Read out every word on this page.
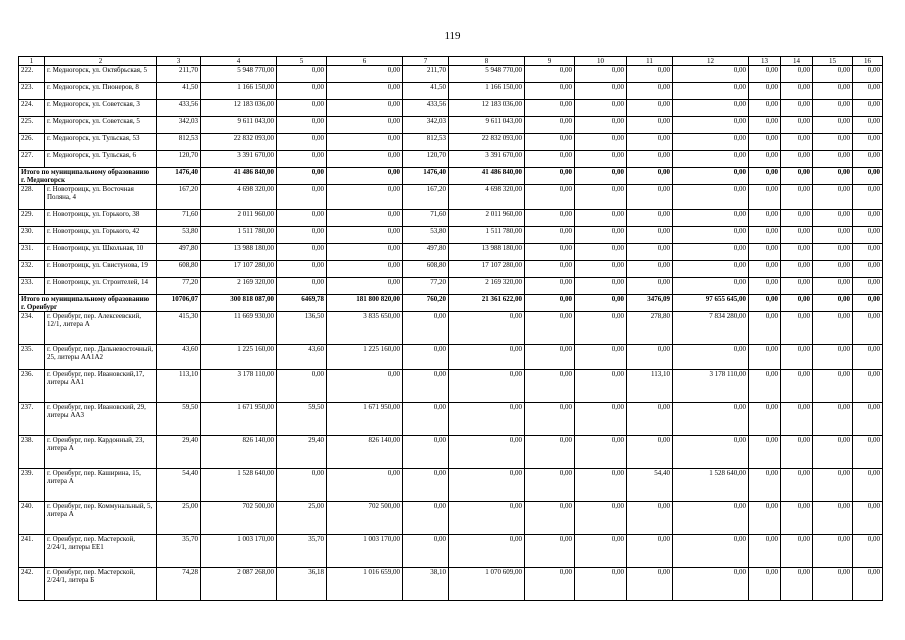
119
1	2	3	4	5	6	7	8	9	10	11	12	13	14	15	16
222.	г. Медногорск, ул. Октябрьская, 5	211,70	5 948 770,00	0,00	0,00	211,70	5 948 770,00	0,00	0,00	0,00	0,00	0,00	0,00	0,00	0,00
223.	г. Медногорск, ул. Пионеров, 8	41,50	1 166 150,00	0,00	0,00	41,50	1 166 150,00	0,00	0,00	0,00	0,00	0,00	0,00	0,00	0,00
224.	г. Медногорск, ул. Советская, 3	433,56	12 183 036,00	0,00	0,00	433,56	12 183 036,00	0,00	0,00	0,00	0,00	0,00	0,00	0,00	0,00
225.	г. Медногорск, ул. Советская, 5	342,03	9 611 043,00	0,00	0,00	342,03	9 611 043,00	0,00	0,00	0,00	0,00	0,00	0,00	0,00	0,00
226.	г. Медногорск, ул. Тульская, 53	812,53	22 832 093,00	0,00	0,00	812,53	22 832 093,00	0,00	0,00	0,00	0,00	0,00	0,00	0,00	0,00
227.	г. Медногорск, ул. Тульская, 6	120,70	3 391 670,00	0,00	0,00	120,70	3 391 670,00	0,00	0,00	0,00	0,00	0,00	0,00	0,00	0,00
Итого по муниципальному образованию г. Медногорск		1476,40	41 486 840,00	0,00	0,00	1476,40	41 486 840,00	0,00	0,00	0,00	0,00	0,00	0,00	0,00	0,00
228.	г. Новотроицк, ул. Восточная Поляна, 4	167,20	4 698 320,00	0,00	0,00	167,20	4 698 320,00	0,00	0,00	0,00	0,00	0,00	0,00	0,00	0,00
229.	г. Новотроицк, ул. Горького, 38	71,60	2 011 960,00	0,00	0,00	71,60	2 011 960,00	0,00	0,00	0,00	0,00	0,00	0,00	0,00	0,00
230.	г. Новотроицк, ул. Горького, 42	53,80	1 511 780,00	0,00	0,00	53,80	1 511 780,00	0,00	0,00	0,00	0,00	0,00	0,00	0,00	0,00
231.	г. Новотроицк, ул. Школьная, 10	497,80	13 988 180,00	0,00	0,00	497,80	13 988 180,00	0,00	0,00	0,00	0,00	0,00	0,00	0,00	0,00
232.	г. Новотроицк, ул. Свистунова, 19	608,80	17 107 280,00	0,00	0,00	608,80	17 107 280,00	0,00	0,00	0,00	0,00	0,00	0,00	0,00	0,00
233.	г. Новотроицк, ул. Строителей, 14	77,20	2 169 320,00	0,00	0,00	77,20	2 169 320,00	0,00	0,00	0,00	0,00	0,00	0,00	0,00	0,00
Итого по муниципальному образованию г. Оренбург		10706,07	300 818 087,00	6469,78	181 800 820,00	760,20	21 361 622,00	0,00	0,00	3476,09	97 655 645,00	0,00	0,00	0,00	0,00
234.	г. Оренбург, пер. Алексеевский, 12/1, литера А	415,30	11 669 930,00	136,50	3 835 650,00	0,00	0,00	0,00	0,00	278,80	7 834 280,00	0,00	0,00	0,00	0,00
235.	г. Оренбург, пер. Дальневосточный, 25, литеры АА1А2	43,60	1 225 160,00	43,60	1 225 160,00	0,00	0,00	0,00	0,00	0,00	0,00	0,00	0,00	0,00	0,00
236.	г. Оренбург, пер. Ивановский,17, литеры АА1	113,10	3 178 110,00	0,00	0,00	0,00	0,00	0,00	0,00	113,10	3 178 110,00	0,00	0,00	0,00	0,00
237.	г. Оренбург, пер. Ивановский, 29, литеры АА3	59,50	1 671 950,00	59,50	1 671 950,00	0,00	0,00	0,00	0,00	0,00	0,00	0,00	0,00	0,00	0,00
238.	г. Оренбург, пер. Кардонный, 23, литера А	29,40	826 140,00	29,40	826 140,00	0,00	0,00	0,00	0,00	0,00	0,00	0,00	0,00	0,00	0,00
239.	г. Оренбург, пер. Каширина, 15, литера А	54,40	1 528 640,00	0,00	0,00	0,00	0,00	0,00	0,00	54,40	1 528 640,00	0,00	0,00	0,00	0,00
240.	г. Оренбург, пер. Коммунальный, 5, литера А	25,00	702 500,00	25,00	702 500,00	0,00	0,00	0,00	0,00	0,00	0,00	0,00	0,00	0,00	0,00
241.	г. Оренбург, пер. Мастерской, 2/24/1, литеры ЕЕ1	35,70	1 003 170,00	35,70	1 003 170,00	0,00	0,00	0,00	0,00	0,00	0,00	0,00	0,00	0,00	0,00
242.	г. Оренбург, пер. Мастерской, 2/24/1, литера Б	74,28	2 087 268,00	36,18	1 016 659,00	38,10	1 070 609,00	0,00	0,00	0,00	0,00	0,00	0,00	0,00	0,00
